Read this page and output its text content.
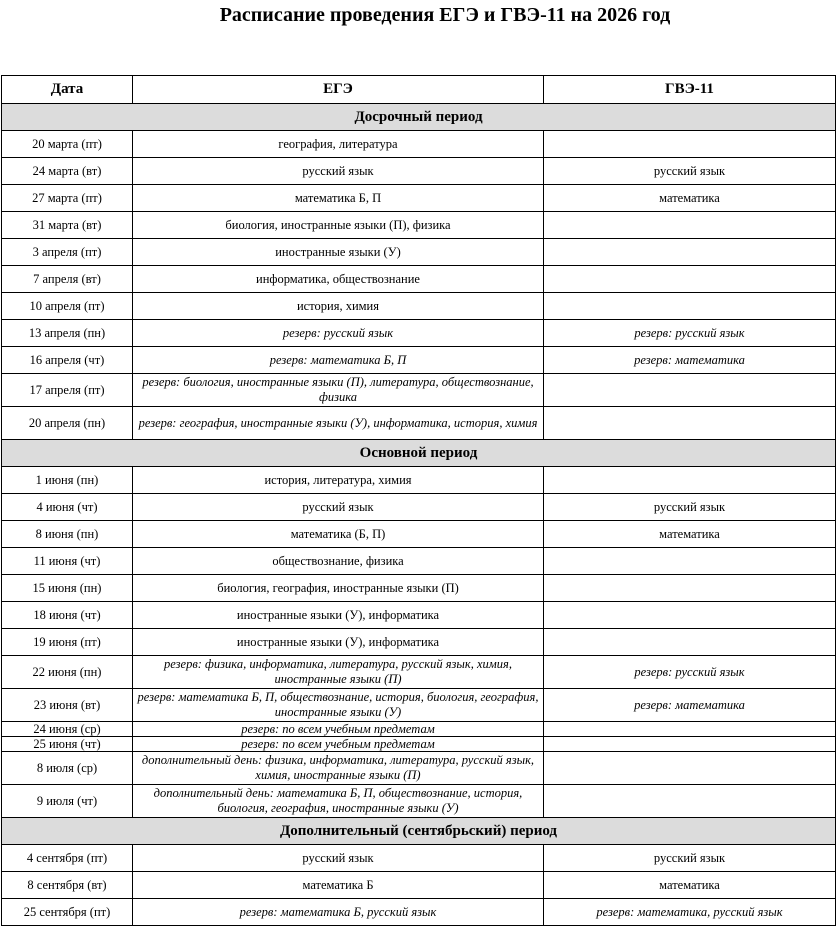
Расписание проведения ЕГЭ и ГВЭ-11 на 2026 год
Дата	ЕГЭ	ГВЭ-11
Досрочный период		
20 марта (пт)	география, литература	
24 марта (вт)	русский язык	русский язык
27 марта (пт)	математика Б, П	математика
31 марта (вт)	биология, иностранные языки (П), физика	
3 апреля (пт)	иностранные языки (У)	
7 апреля (вт)	информатика, обществознание	
10 апреля (пт)	история, химия	
13 апреля (пн)	резерв: русский язык	резерв: русский язык
16 апреля (чт)	резерв: математика Б, П	резерв: математика
17 апреля (пт)	резерв: биология, иностранные языки (П), литература, обществознание, физика	
20 апреля (пн)	резерв: география, иностранные языки (У), информатика, история, химия	
Основной период		
1 июня (пн)	история, литература, химия	
4 июня (чт)	русский язык	русский язык
8 июня (пн)	математика (Б, П)	математика
11 июня (чт)	обществознание, физика	
15 июня (пн)	биология, география, иностранные языки (П)	
18 июня (чт)	иностранные языки (У), информатика	
19 июня (пт)	иностранные языки (У), информатика	
22 июня (пн)	резерв: физика, информатика, литература, русский язык, химия, иностранные языки (П)	резерв: русский язык
23 июня (вт)	резерв: математика Б, П, обществознание, история, биология, география, иностранные языки (У)	резерв: математика
24 июня (ср)	резерв: по всем учебным предметам	
25 июня (чт)	резерв: по всем учебным предметам	
8 июля (ср)	дополнительный день: физика, информатика, литература, русский язык, химия, иностранные языки (П)	
9 июля (чт)	дополнительный день: математика Б, П, обществознание, история, биология, география, иностранные языки (У)	
Дополнительный (сентябрьский) период		
4 сентября (пт)	русский язык	русский язык
8 сентября (вт)	математика Б	математика
25 сентября (пт)	резерв: математика Б, русский язык	резерв: математика, русский язык
